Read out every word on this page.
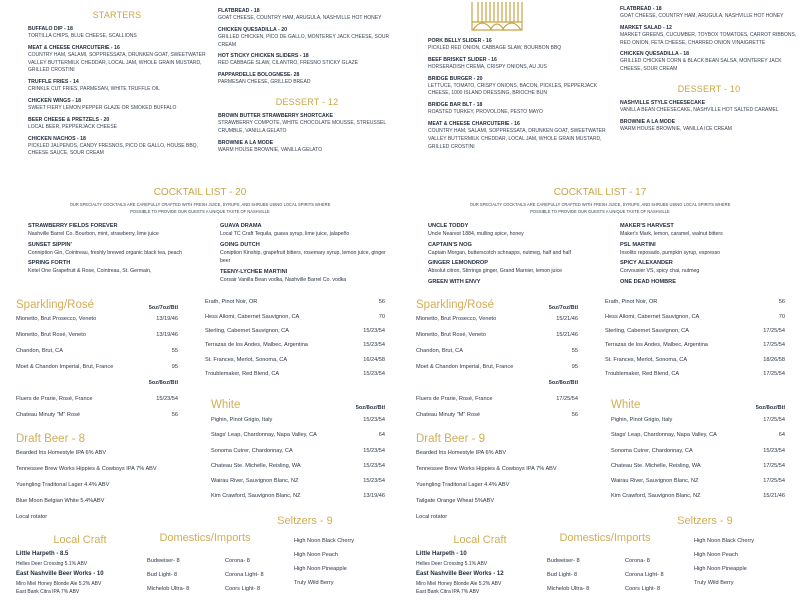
STARTERS
BUFFALO DIP - 18
TORTILLA CHIPS, BLUE CHEESE, SCALLIONS
MEAT & CHEESE CHARCUTERIE - 16
COUNTRY HAM, SALAMI, SOPPRESSATA, DRUNKEN GOAT, SWEETWATER VALLEY BUTTERMILK CHEDDAR, LOCAL JAM, WHOLE GRAIN MUSTARD, GRILLED CROSTINI
TRUFFLE FRIES - 14
CRINKLE CUT FRIES, PARMESAN, WHITE TRUFFLE OIL
CHICKEN WINGS - 18
SWEET FIERY LEMON PEPPER GLAZE OR SMOKED BUFFALO
BEER CHEESE & PRETZELS - 20
LOCAL BEER, PEPPERJACK CHEESE
CHICKEN NACHOS - 18
PICKLED JALPENOS, CANDY FRESNOS, PICO DE GALLO, HOUSE BBQ, CHEESE SAUCE, SOUR CREAM
FLATBREAD - 18
GOAT CHEESE, COUNTRY HAM, ARUGULA, NASHVILLE HOT HONEY
CHICKEN QUESADILLA - 20
GRILLED CHICKEN, PICO DE GALLO, MONTEREY JACK CHEESE, SOUR CREAM
HOT STICKY CHICKEN SLIDERS - 18
RED CABBAGE SLAW, CILANTRO, FRESNO STICKY GLAZE
PAPPARDELLE BOLOGNESE- 28
PARMESAN CHEESE, GRILLED BREAD
DESSERT - 12
BROWN BUTTER STRAWBERRY SHORTCAKE
STRAWBERRY COMPOTE, WHITE CHOCOLATE MOUSSE, STREUSSEL CRUMBLE, VANILLA GELATO
BROWNIE A LA MODE
WARM HOUSE BROWNIE, VANILLA GELATO
COCKTAIL LIST - 20
OUR SPECIALTY COCKTAILS ARE CAREFULLY CRAFTED WITH FRESH JUICE, SYRUPS, AND SHRUBS USING LOCAL SPIRITS WHERE POSSIBLE TO PROVIDE OUR GUESTS A UNIQUE TASTE OF NASHVILLE
STRAWBERRY FIELDS FOREVER
Nashville Barrel Co. Bourbon, mint, strawberry, lime juice
SUNSET SIPPIN'
Conniption Gin, Cointreau, freshly brewed organic black tea, peach
SPRING FORTH
Ketel One Grapefruit & Rose, Cointreau, St. Germain,
GUAVA DRAMA
Local TC Craft Tequila, guava syrup, lime juice, jalapeño
GOING DUTCH
Coniption Kinship, grapefruit bitters, rosemary syrup, lemon juice, ginger beer
TEENY-LYCHEE MARTINI
Corsair Vanilla Bean vodka, Nashville Barrel Co. vodka
Sparkling/Rosé	5oz/7oz/Btl
Mionetto, Brut Prosecco, Veneto	13/19/46
Mionetto, Brut Rosé, Veneto	13/19/46
Chandon, Brut, CA	55
Moet & Chandon Imperial, Brut, France	95
5oz/8oz/Btl
Fluers de Prarie, Rosé, France	15/23/54
Chateau Minuty "M" Rosé	56
Draft Beer - 8
Bearded Iris Homestyle IPA 6% ABV
Tennessee Brew Works Hippies & Cowboys IPA 7% ABV
Yuengling Traditonal Lager 4.4% ABV
Blue Moon Belgian White 5.4%ABV
Local rotator
Erath, Pinot Noir, OR	56
Hess Allomi, Cabernet Sauvignon, CA	70
Sterling, Cabernet Sauvignon, CA	15/23/54
Terrazas de los Andes, Malbec, Argentina	15/23/54
St. Frances, Merlot, Sonoma, CA	16/24/58
Troublemaker, Red Blend, CA	15/23/54
White	5oz/8oz/Btl
Pighin, Pinot Grigio, Italy	15/23/54
Stags' Leap, Chardonnay, Napa Valley, CA	64
Sonoma Cutrer, Chardonnay, CA	15/23/54
Chateau Ste. Michelle, Reisling, WA	15/23/54
Wairau River, Sauvignon Blanc, NZ	15/23/54
Kim Crawford, Sauvignon Blanc, NZ	13/19/46
Seltzers - 9
High Noon Black Cherry
High Noon Peach
High Noon Pineapple
Truly Wild Berry
Local Craft
Little Harpeth - 8.5
Helles Deer Crossing 5.1% ABV
East Nashville Beer Works - 10
Miro Miel Honey Blonde Ale 5.2% ABV
East Bank Citra IPA 7% ABV
Domestics/Imports
Budweiser- 8
Bud Light- 8
Michelob Ultra- 8
Corona- 8
Corona Light- 8
Coors Light- 8
PORK BELLY SLIDER - 16
PICKLED RED ONION, CABBAGE SLAW, BOURBON BBQ
BEEF BRISKET SLIDER - 16
HORSERADISH CREMA, CRISPY ONIONS, AU JUS
BRIDGE BURGER - 20
LETTUCE, TOMATO, CRISPY ONIONS, BACON, PICKLES, PEPPERJACK CHEESE, 1000 ISLAND DRESSING, BRIOCHE BUN
BRIDGE BAR BLT - 18
ROASTED TURKEY, PROVOLONE, PESTO MAYO
MEAT & CHEESE CHARCUTERIE - 16
COUNTRY HAM, SALAMI, SOPPRESSATA, DRUNKEN GOAT, SWEETWATER VALLEY BUTTERMILK CHEDDAR, LOCAL JAM, WHOLE GRAIN MUSTARD, GRILLED CROSTINI
FLATBREAD - 18
GOAT CHEESE, COUNTRY HAM, ARUGULA, NASHVILLE HOT HONEY
MARKET SALAD - 12
MARKET GREENS, CUCUMBER, TOYBOX TOMATOES, CARROT RIBBONS, RED ONION, FETA CHEESE, CHARRED ONION VINAIGRETTE
CHICKEN QUESADILLA - 18
GRILLED CHICKEN CORN & BLACK BEAN SALSA, MONTEREY JACK CHEESE, SOUR CREAM
DESSERT - 10
NASHVILLE STYLE CHEESECAKE
VANILLA BEAN CHEESECAKE, NASHVILLE HOT SALTED CARAMEL
BROWNIE A LA MODE
WARM HOUSE BROWNIE, VANILLA ICE CREAM
COCKTAIL LIST - 17
OUR SPECIALTY COCKTAILS ARE CAREFULLY CRAFTED WITH FRESH JUICE, SYRUPS, AND SHRUBS USING LOCAL SPIRITS WHERE POSSIBLE TO PROVIDE OUR GUESTS A UNIQUE TASTE OF NASHVILLE
UNCLE TODDY
Uncle Nearest 1884, mulling spice, honey
CAPTAIN'S NOG
Captain Morgan, butterscotch schnapps, nutmeg, half and half
GINGER LEMONDROP
Absolut citron, Stirrings ginger, Grand Marnier, lemon juice
GREEN WITH ENVY
MAKER'S HARVEST
Maker's Mark, lemon, caramel, walnut bitters
PSL MARTINI
Insolito reposado, pumpkin syrup, espresso
SPICY ALEXANDER
Corvousier VS, spicy chai, nutmeg
ONE DEAD HOMBRE
Sparkling/Rosé	5oz/7oz/Btl
Mionetto, Brut Prosecco, Veneto	15/21/46
Mionetto, Brut Rosé, Veneto	15/21/46
Chandon, Brut, CA	55
Moet & Chandon Imperial, Brut, France	95
5oz/8oz/Btl
Fluers de Prarie, Rosé, France	17/25/54
Chateau Minuty "M" Rosé	56
Draft Beer - 9
Bearded Iris Homestyle IPA 6% ABV
Tennessee Brew Works Hippies & Cowboys IPA 7% ABV
Yuengling Traditonal Lager 4.4% ABV
Tailgate Orange Wheat 5%ABV
Local rotator
Erath, Pinot Noir, OR	56
Hess Allomi, Cabernet Sauvignon, CA	70
Sterling, Cabernet Sauvignon, CA	17/25/54
Terrazas de los Andes, Malbec, Argentina	17/25/54
St. Frances, Merlot, Sonoma, CA	18/26/58
Troublemaker, Red Blend, CA	17/25/54
White	5oz/8oz/Btl
Pighin, Pinot Grigio, Italy	17/25/54
Stags' Leap, Chardonnay, Napa Valley, CA	64
Sonoma Cutrer, Chardonnay, CA	15/23/54
Chateau Ste. Michelle, Reisling, WA	17/25/54
Wairau River, Sauvignon Blanc, NZ	17/25/54
Kim Crawford, Sauvignon Blanc, NZ	15/21/46
Seltzers - 9
High Noon Black Cherry
High Noon Peach
High Noon Pineapple
Truly Wild Berry
Local Craft
Little Harpeth - 10
Helles Deer Crossing 5.1% ABV
East Nashville Beer Works - 12
Miro Miel Honey Blonde Ale 5.2% ABV
East Bank Citra IPA 7% ABV
Domestics/Imports
Budweiser- 8
Bud Light- 8
Michelob Ultra- 8
Corona- 8
Corona Light- 8
Coors Light- 8
